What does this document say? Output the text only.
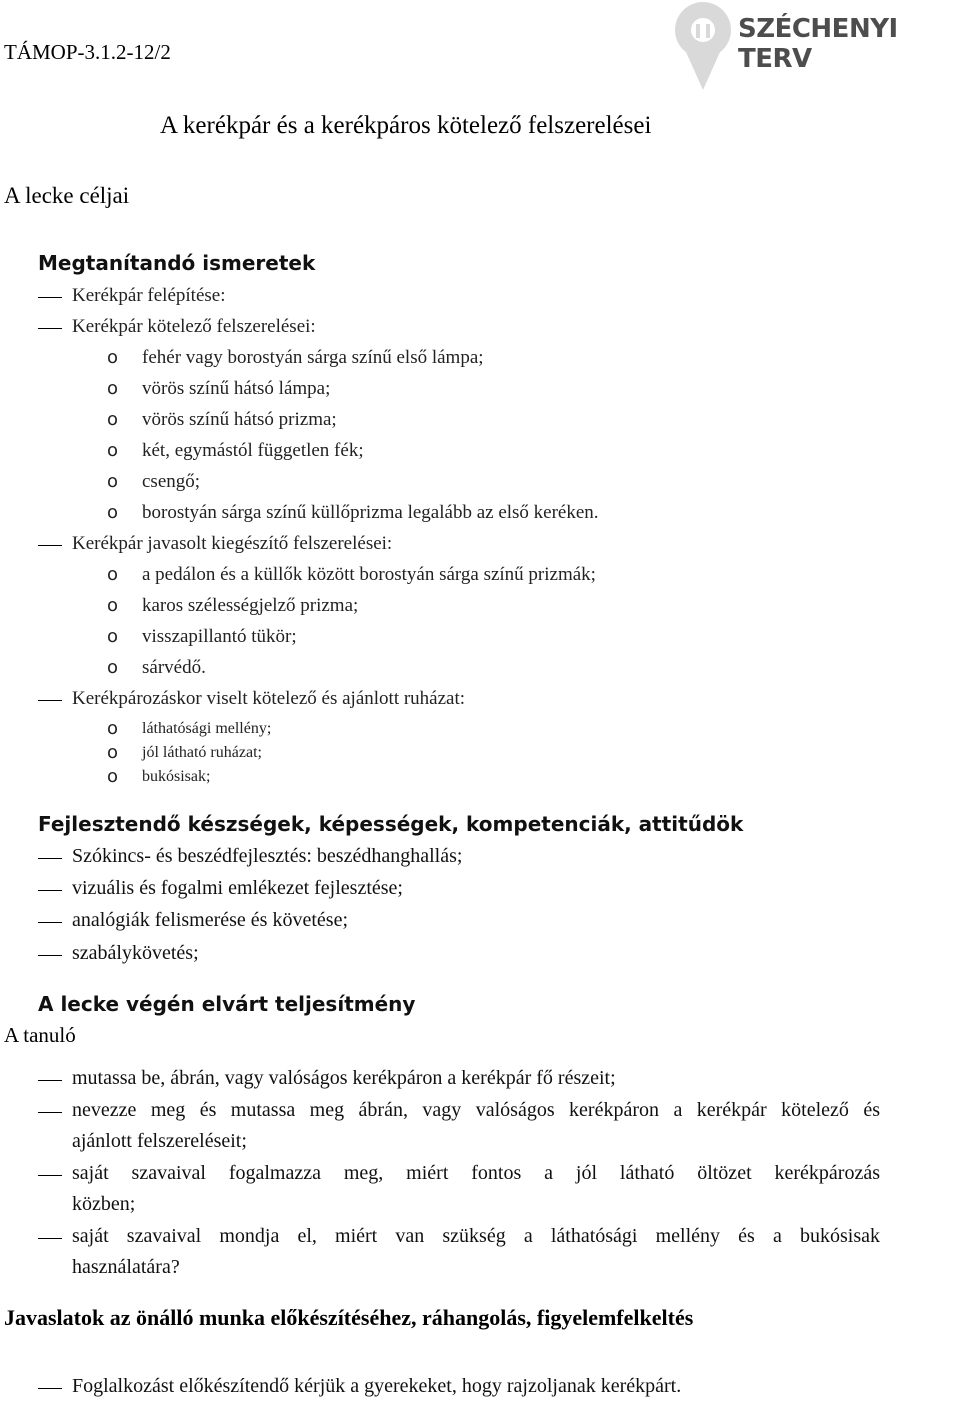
TÁMOP-3.1.2-12/2
SZÉCHENYI TERV
A kerékpár és a kerékpáros kötelező felszerelései
A lecke céljai
Megtanítandó ismeretek
Kerékpár felépítése:
Kerékpár kötelező felszerelései:
o fehér vagy borostyán sárga színű első lámpa;
o vörös színű hátsó lámpa;
o vörös színű hátsó prizma;
o két, egymástól független fék;
o csengő;
o borostyán sárga színű küllőprizma legalább az első keréken.
Kerékpár javasolt kiegészítő felszerelései:
o a pedálon és a küllők között borostyán sárga színű prizmák;
o karos szélességjelző prizma;
o visszapillantó tükör;
o sárvédő.
Kerékpározáskor viselt kötelező és ajánlott ruházat:
o láthatósági mellény;
o jól látható ruházat;
o bukósisak;
Fejlesztendő készségek, képességek, kompetenciák, attitűdök
Szókincs- és beszédfejlesztés: beszédhanghallás;
vizuális és fogalmi emlékezet fejlesztése;
analógiák felismerése és követése;
szabálykövetés;
A lecke végén elvárt teljesítmény
A tanuló
mutassa be, ábrán, vagy valóságos kerékpáron a kerékpár fő részeit;
nevezze meg és mutassa meg ábrán, vagy valóságos kerékpáron a kerékpár kötelező és
ajánlott felszereléseit;
saját szavaival fogalmazza meg, miért fontos a jól látható öltözet kerékpározás
közben;
saját szavaival mondja el, miért van szükség a láthatósági mellény és a bukósisak
használatára?
Javaslatok az önálló munka előkészítéséhez, ráhangolás, figyelemfelkeltés
Foglalkozást előkészítendő kérjük a gyerekeket, hogy rajzoljanak kerékpárt.
